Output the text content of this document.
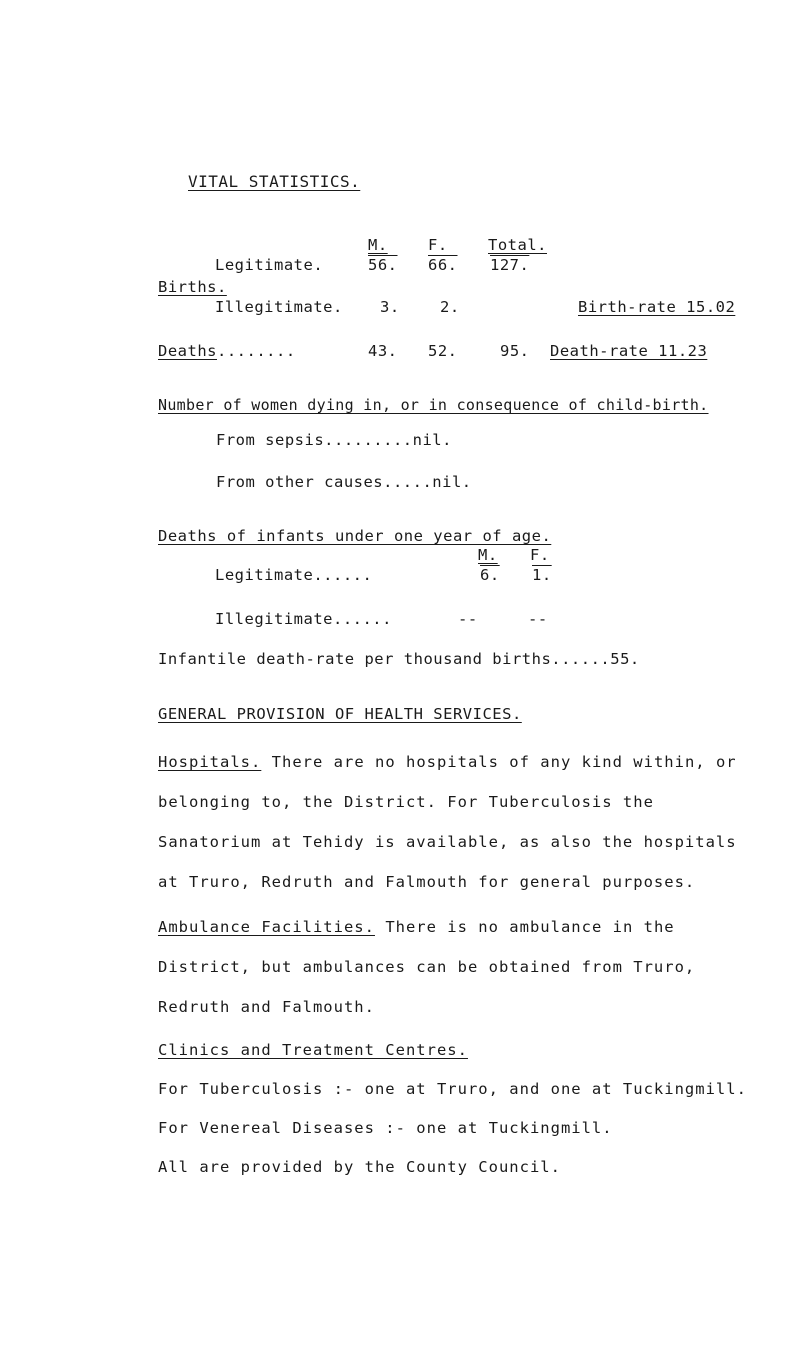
VITAL STATISTICS.
M.	F.	Total.
Legitimate.	56. 66. 127.
Births.
Illegitimate. 3.	2.	Birth-rate 15.02
Deaths........	43. 52.	95. Death-rate 11.23
Number of women dying in, or in consequence of child-birth.
From sepsis.........nil.
From other causes.....nil.
Deaths of infants under one year of age.
M. F.
Legitimate......	6. 1.
Illegitimate......	--	--
Infantile death-rate per thousand births......55.
GENERAL PROVISION OF HEALTH SERVICES.
Hospitals. There are no hospitals of any kind within, or
belonging to, the District. For Tuberculosis the
Sanatorium at Tehidy is available, as also the hospitals
at Truro, Redruth and Falmouth for general purposes.
Ambulance Facilities. There is no ambulance in the
District, but ambulances can be obtained from Truro,
Redruth and Falmouth.
Clinics and Treatment Centres.
For Tuberculosis :- one at Truro, and one at Tuckingmill.
For Venereal Diseases :- one at Tuckingmill.
All are provided by the County Council.
